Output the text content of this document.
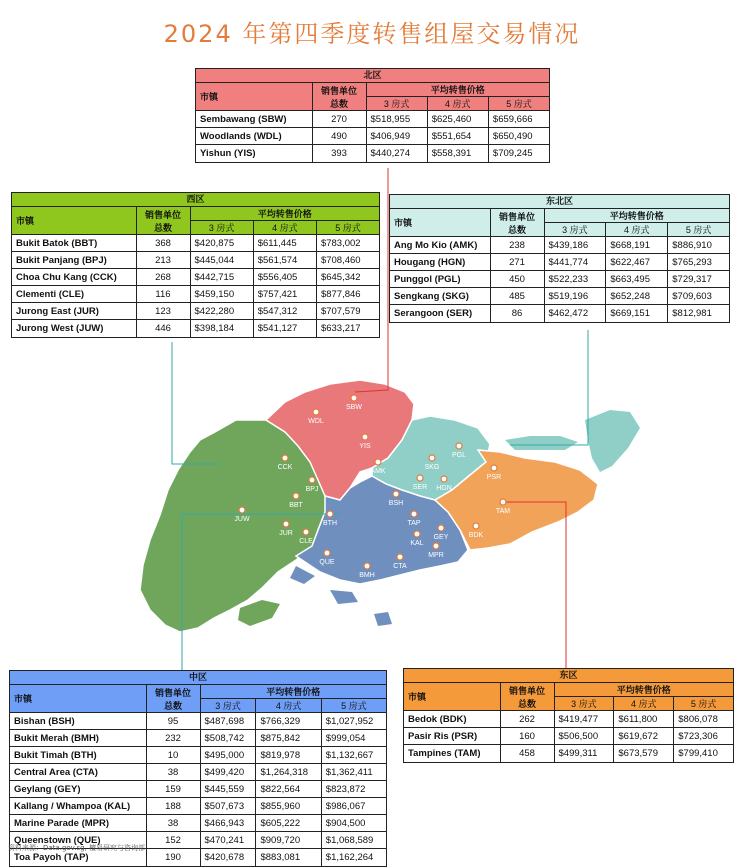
2024 年第四季度转售组屋交易情况
SBW
WDL
YIS
CCK
BPJ
BBT
JUW
JUR
CLE
BTH
AMK
SKG
PGL
SER HGN
BSH
PSR
TAM
TAP
GEY
KAL
MPR
BDK
QUE
BMH
CTA
北区
市镇	销售单位
总数	平均转售价格		
		3 房式	4 房式	5 房式
Sembawang (SBW)	270	$518,955	$625,460	$659,666
Woodlands (WDL)	490	$406,949	$551,654	$650,490
Yishun (YIS)	393	$440,274	$558,391	$709,245
西区
市镇	销售单位
总数	平均转售价格		
		3 房式	4 房式	5 房式
Bukit Batok (BBT)	368	$420,875	$611,445	$783,002
Bukit Panjang (BPJ)	213	$445,044	$561,574	$708,460
Choa Chu Kang (CCK)	268	$442,715	$556,405	$645,342
Clementi (CLE)	116	$459,150	$757,421	$877,846
Jurong East (JUR)	123	$422,280	$547,312	$707,579
Jurong West (JUW)	446	$398,184	$541,127	$633,217
东北区
市镇	销售单位
总数	平均转售价格		
		3 房式	4 房式	5 房式
Ang Mo Kio (AMK)	238	$439,186	$668,191	$886,910
Hougang (HGN)	271	$441,774	$622,467	$765,293
Punggol (PGL)	450	$522,233	$663,495	$729,317
Sengkang (SKG)	485	$519,196	$652,248	$709,603
Serangoon (SER)	86	$462,472	$669,151	$812,981
中区
市镇	销售单位
总数	平均转售价格		
		3 房式	4 房式	5 房式
Bishan (BSH)	95	$487,698	$766,329	$1,027,952
Bukit Merah (BMH)	232	$508,742	$875,842	$999,054
Bukit Timah (BTH)	10	$495,000	$819,978	$1,132,667
Central Area (CTA)	38	$499,420	$1,264,318	$1,362,411
Geylang (GEY)	159	$445,559	$822,564	$823,872
Kallang / Whampoa (KAL)	188	$507,673	$855,960	$986,067
Marine Parade (MPR)	38	$466,943	$605,222	$904,500
Queenstown (QUE)	152	$470,241	$909,720	$1,068,589
Toa Payoh (TAP)	190	$420,678	$883,081	$1,162,264
东区
市镇	销售单位
总数	平均转售价格		
		3 房式	4 房式	5 房式
Bedok (BDK)	262	$419,477	$611,800	$806,078
Pasir Ris (PSR)	160	$506,500	$619,672	$723,306
Tampines (TAM)	458	$499,311	$673,579	$799,410
资料来源：Data.gov.sg, 檀易研究与咨询部
